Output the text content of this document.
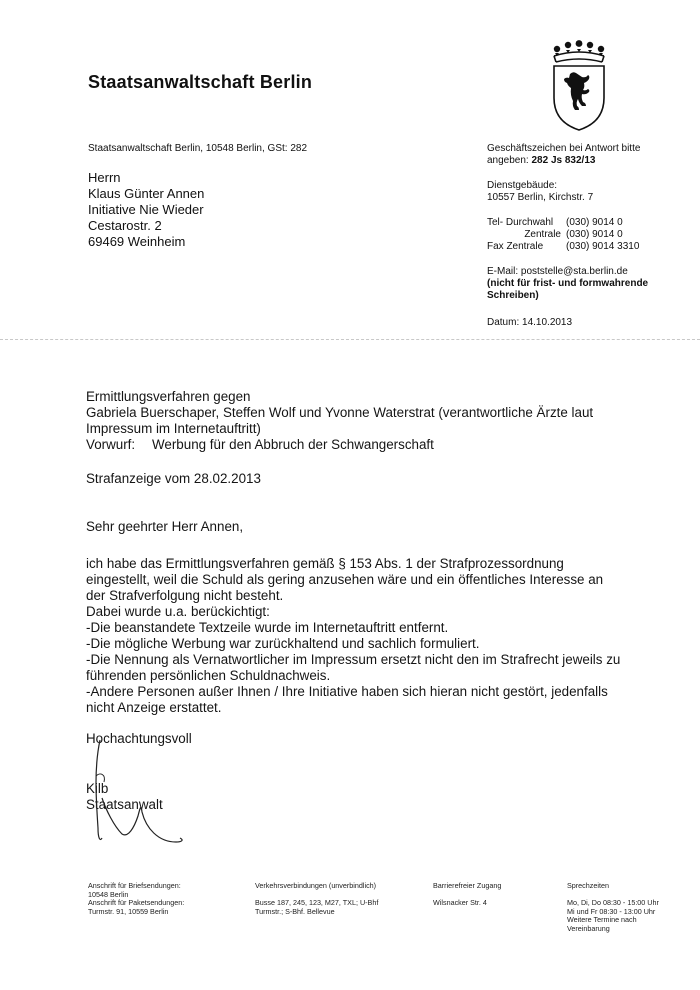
Staatsanwaltschaft Berlin
Staatsanwaltschaft Berlin, 10548 Berlin, GSt: 282
Herrn
Klaus Günter Annen
Initiative Nie Wieder
Cestarostr. 2
69469 Weinheim
Geschäftszeichen bei Antwort bitte
angeben: 282 Js 832/13
Dienstgebäude:
10557 Berlin, Kirchstr. 7
Tel- Durchwahl (030) 9014 0
Zentrale (030) 9014 0
Fax Zentrale (030) 9014 3310
E-Mail: poststelle@sta.berlin.de
(nicht für frist- und formwahrende
Schreiben)
Datum: 14.10.2013
Ermittlungsverfahren gegen
Gabriela Buerschaper, Steffen Wolf und Yvonne Waterstrat (verantwortliche Ärzte laut
Impressum im Internetauftritt)
Vorwurf: Werbung für den Abbruch der Schwangerschaft
Strafanzeige vom 28.02.2013
Sehr geehrter Herr Annen,
ich habe das Ermittlungsverfahren gemäß § 153 Abs. 1 der Strafprozessordnung
eingestellt, weil die Schuld als gering anzusehen wäre und ein öffentliches Interesse an
der Strafverfolgung nicht besteht.
Dabei wurde u.a. berückichtigt:
-Die beanstandete Textzeile wurde im Internetauftritt entfernt.
-Die mögliche Werbung war zurückhaltend und sachlich formuliert.
-Die Nennung als Vernatwortlicher im Impressum ersetzt nicht den im Strafrecht jeweils zu
führenden persönlichen Schuldnachweis.
-Andere Personen außer Ihnen / Ihre Initiative haben sich hieran nicht gestört, jedenfalls
nicht Anzeige erstattet.
Hochachtungsvoll
Kilb
Staatsanwalt
Anschrift für Briefsendungen:
10548 Berlin
Anschrift für Paketsendungen:
Turmstr. 91, 10559 Berlin
Verkehrsverbindungen (unverbindlich)
Busse 187, 245, 123, M27, TXL; U-Bhf
Turmstr.; S-Bhf. Bellevue
Barrierefreier Zugang
Wilsnacker Str. 4
Sprechzeiten
Mo, Di, Do 08:30 - 15:00 Uhr
Mi und Fr 08:30 - 13:00 Uhr
Weitere Termine nach
Vereinbarung
